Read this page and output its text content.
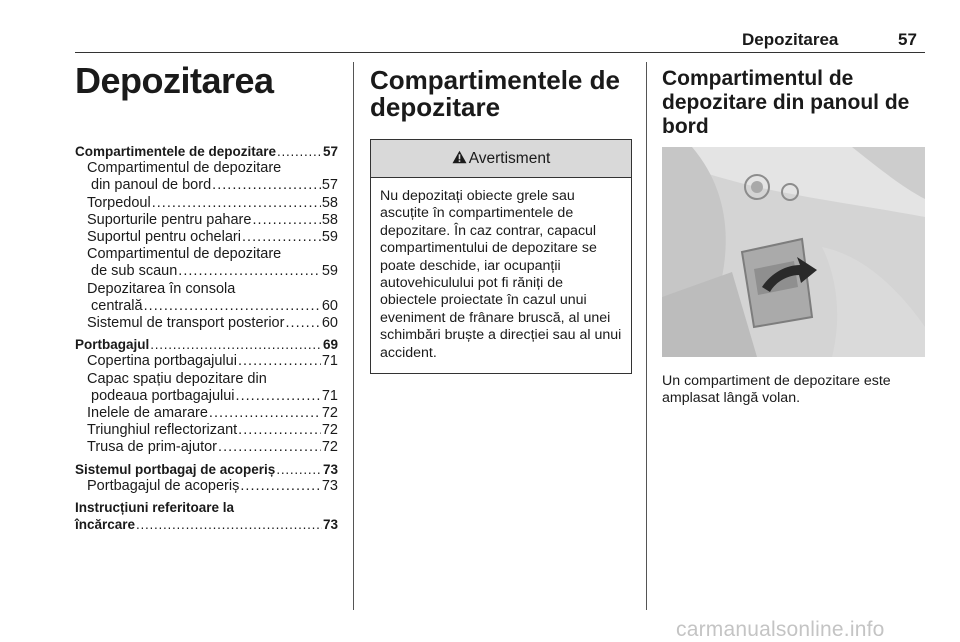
Depozitarea	57
Depozitarea
Compartimentele de depozitare . . .	57
Compartimentul de depozitare
din panoul de bord . . .	57
Torpedoul . . .	58
Suporturile pentru pahare . . .	58
Suportul pentru ochelari . . .	59
Compartimentul de depozitare
de sub scaun . . .	59
Depozitarea în consola
centrală . . .	60
Sistemul de transport posterior . . .	60
Portbagajul . . .	69
Copertina portbagajului . . .	71
Capac spațiu depozitare din
podeaua portbagajului . . .	71
Inelele de amarare . . .	72
Triunghiul reflectorizant . . .	72
Trusa de prim-ajutor . . .	72
Sistemul portbagaj de acoperiș . . .	73
Portbagajul de acoperiș . . .	73
Instrucțiuni referitoare la
încărcare . . .	73
Compartimentele de depozitare
Avertisment

Nu depozitați obiecte grele sau ascuțite în compartimentele de depozitare. În caz contrar, capacul compartimentului de depozitare se poate deschide, iar ocupanții autovehiculului pot fi răniți de obiectele proiectate în cazul unui eveniment de frânare bruscă, al unei schimbări bruște a direcției sau al unui accident.

Compartimentul de depozitare din panoul de bord

Un compartiment de depozitare este amplasat lângă volan.

carmanualsonline.info
